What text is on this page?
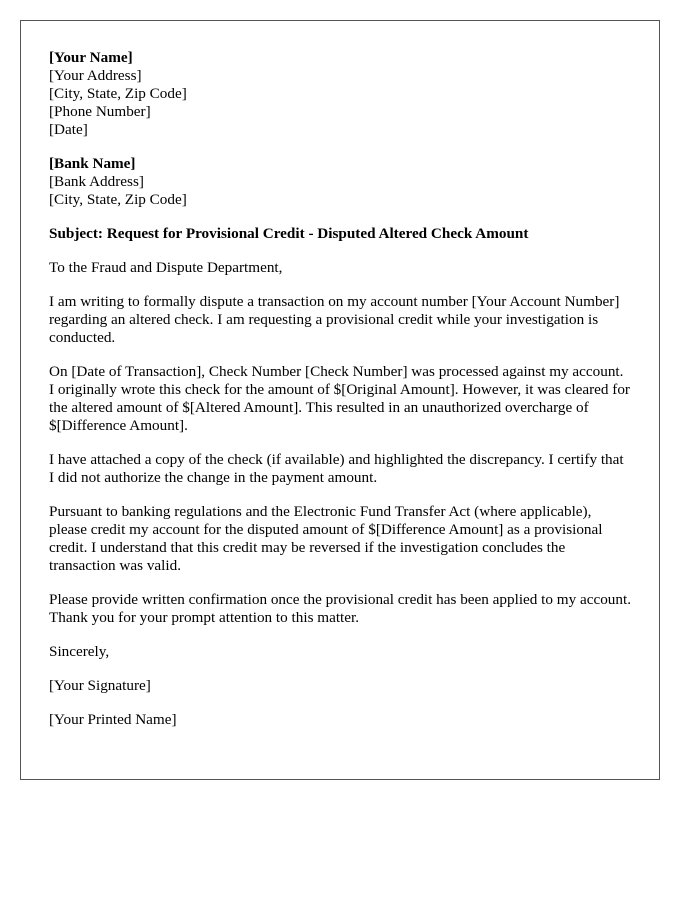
[Your Name]
[Your Address]
[City, State, Zip Code]
[Phone Number]
[Date]
[Bank Name]
[Bank Address]
[City, State, Zip Code]

Subject: Request for Provisional Credit - Disputed Altered Check Amount

To the Fraud and Dispute Department,

I am writing to formally dispute a transaction on my account number [Your Account Number] regarding an altered check. I am requesting a provisional credit while your investigation is conducted.

On [Date of Transaction], Check Number [Check Number] was processed against my account. I originally wrote this check for the amount of $[Original Amount]. However, it was cleared for the altered amount of $[Altered Amount]. This resulted in an unauthorized overcharge of $[Difference Amount].

I have attached a copy of the check (if available) and highlighted the discrepancy. I certify that I did not authorize the change in the payment amount.

Pursuant to banking regulations and the Electronic Fund Transfer Act (where applicable), please credit my account for the disputed amount of $[Difference Amount] as a provisional credit. I understand that this credit may be reversed if the investigation concludes the transaction was valid.

Please provide written confirmation once the provisional credit has been applied to my account. Thank you for your prompt attention to this matter.

Sincerely,

[Your Signature]

[Your Printed Name]
